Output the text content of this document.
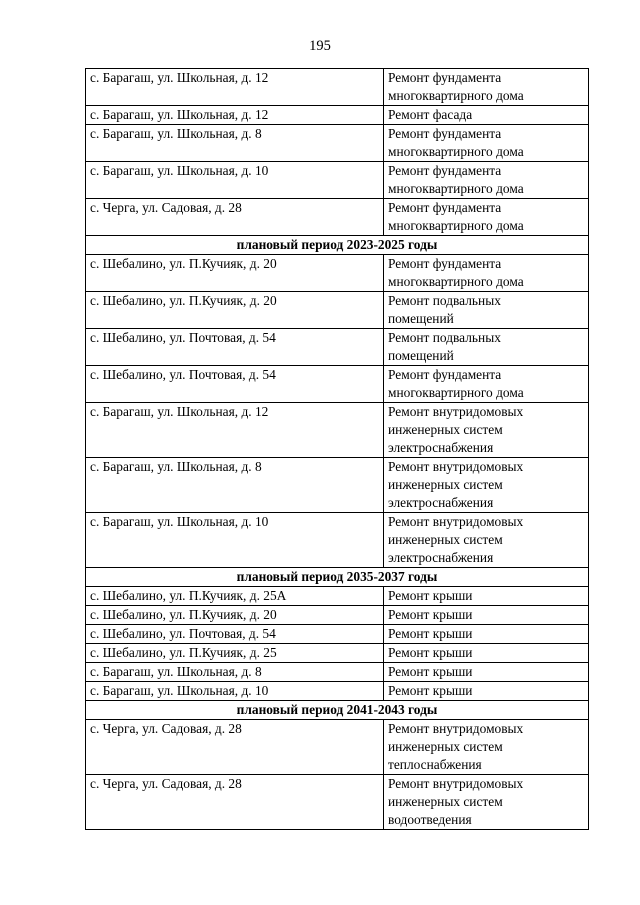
195
с. Барагаш, ул. Школьная, д. 12	Ремонт фундамента
многоквартирного дома
с. Барагаш, ул. Школьная, д. 12	Ремонт фасада
с. Барагаш, ул. Школьная, д. 8	Ремонт фундамента
многоквартирного дома
с. Барагаш, ул. Школьная, д. 10	Ремонт фундамента
многоквартирного дома
с. Черга, ул. Садовая, д. 28	Ремонт фундамента
многоквартирного дома
плановый период 2023-2025 годы	
с. Шебалино, ул. П.Кучияк, д. 20	Ремонт фундамента
многоквартирного дома
с. Шебалино, ул. П.Кучияк, д. 20	Ремонт подвальных
помещений
с. Шебалино, ул. Почтовая, д. 54	Ремонт подвальных
помещений
с. Шебалино, ул. Почтовая, д. 54	Ремонт фундамента
многоквартирного дома
с. Барагаш, ул. Школьная, д. 12	Ремонт внутридомовых
инженерных систем
электроснабжения
с. Барагаш, ул. Школьная, д. 8	Ремонт внутридомовых
инженерных систем
электроснабжения
с. Барагаш, ул. Школьная, д. 10	Ремонт внутридомовых
инженерных систем
электроснабжения
плановый период 2035-2037 годы	
с. Шебалино, ул. П.Кучияк, д. 25А	Ремонт крыши
с. Шебалино, ул. П.Кучияк, д. 20	Ремонт крыши
с. Шебалино, ул. Почтовая, д. 54	Ремонт крыши
с. Шебалино, ул. П.Кучияк, д. 25	Ремонт крыши
с. Барагаш, ул. Школьная, д. 8	Ремонт крыши
с. Барагаш, ул. Школьная, д. 10	Ремонт крыши
плановый период 2041-2043 годы	
с. Черга, ул. Садовая, д. 28	Ремонт внутридомовых
инженерных систем
теплоснабжения
с. Черга, ул. Садовая, д. 28	Ремонт внутридомовых
инженерных систем
водоотведения
